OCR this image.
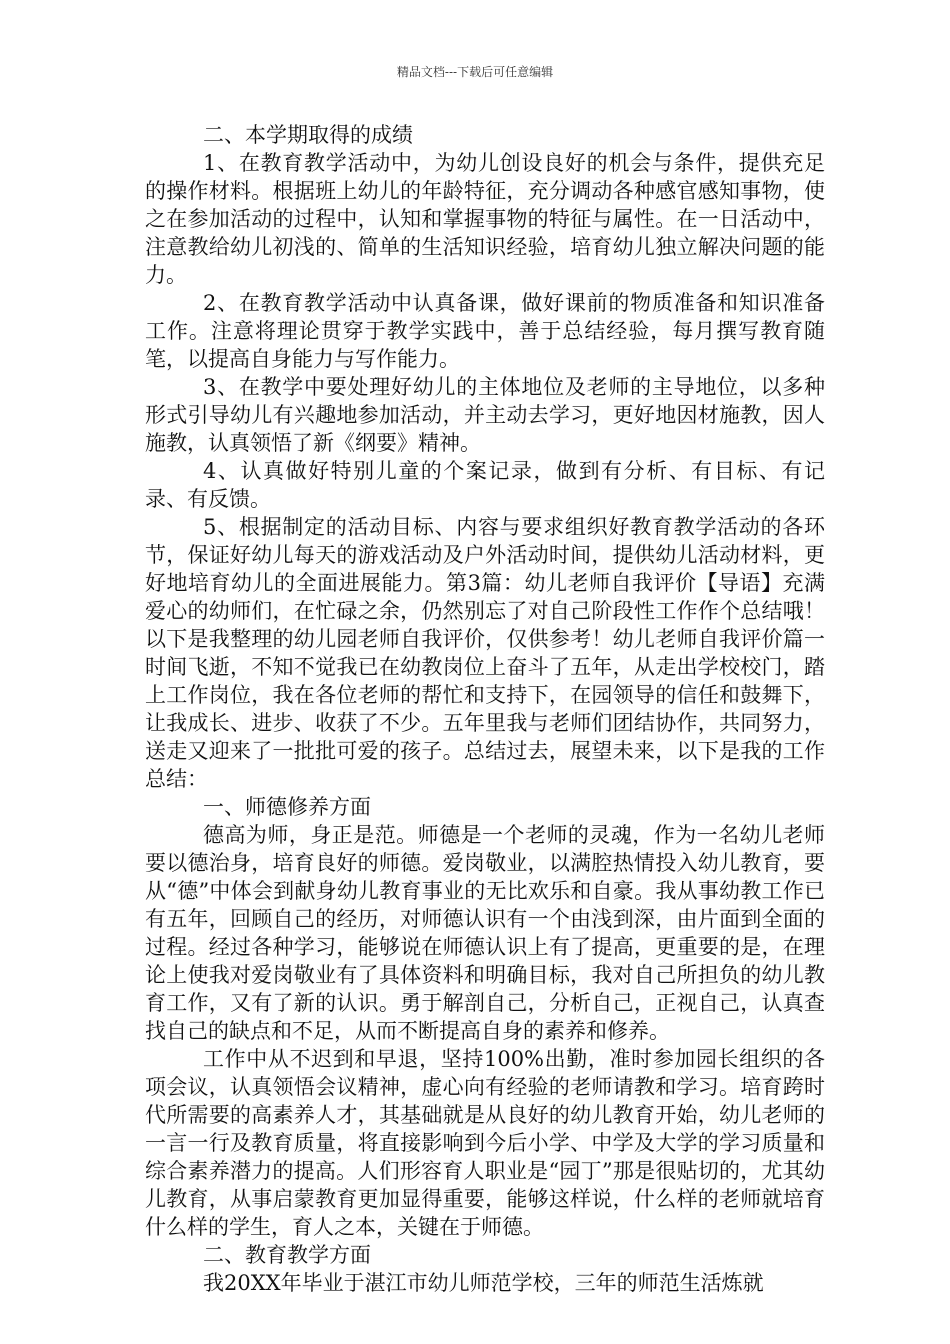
精品文档---下载后可任意编辑

二、本学期取得的成绩

1、在教育教学活动中，为幼儿创设良好的机会与条件，提供充足的操作材料。根据班上幼儿的年龄特征，充分调动各种感官感知事物，使之在参加活动的过程中，认知和掌握事物的特征与属性。在一日活动中，注意教给幼儿初浅的、简单的生活知识经验，培育幼儿独立解决问题的能力。

2、在教育教学活动中认真备课，做好课前的物质准备和知识准备工作。注意将理论贯穿于教学实践中，善于总结经验，每月撰写教育随笔，以提高自身能力与写作能力。

3、在教学中要处理好幼儿的主体地位及老师的主导地位，以多种形式引导幼儿有兴趣地参加活动，并主动去学习，更好地因材施教，因人施教，认真领悟了新《纲要》精神。

4、认真做好特别儿童的个案记录，做到有分析、有目标、有记录、有反馈。

5、根据制定的活动目标、内容与要求组织好教育教学活动的各环节，保证好幼儿每天的游戏活动及户外活动时间，提供幼儿活动材料，更好地培育幼儿的全面进展能力。第3篇：幼儿老师自我评价【导语】充满爱心的幼师们，在忙碌之余，仍然别忘了对自己阶段性工作作个总结哦！以下是我整理的幼儿园老师自我评价，仅供参考！幼儿老师自我评价篇一时间飞逝，不知不觉我已在幼教岗位上奋斗了五年，从走出学校校门，踏上工作岗位，我在各位老师的帮忙和支持下，在园领导的信任和鼓舞下，让我成长、进步、收获了不少。五年里我与老师们团结协作，共同努力，送走又迎来了一批批可爱的孩子。总结过去，展望未来，以下是我的工作总结：

一、师德修养方面

德高为师，身正是范。师德是一个老师的灵魂，作为一名幼儿老师要以德治身，培育良好的师德。爱岗敬业，以满腔热情投入幼儿教育，要从“德”中体会到献身幼儿教育事业的无比欢乐和自豪。我从事幼教工作已有五年，回顾自己的经历，对师德认识有一个由浅到深，由片面到全面的过程。经过各种学习，能够说在师德认识上有了提高，更重要的是，在理论上使我对爱岗敬业有了具体资料和明确目标，我对自己所担负的幼儿教育工作，又有了新的认识。勇于解剖自己，分析自己，正视自己，认真查找自己的缺点和不足，从而不断提高自身的素养和修养。

工作中从不迟到和早退，坚持100%出勤，准时参加园长组织的各项会议，认真领悟会议精神，虚心向有经验的老师请教和学习。培育跨时代所需要的高素养人才，其基础就是从良好的幼儿教育开始，幼儿老师的一言一行及教育质量，将直接影响到今后小学、中学及大学的学习质量和综合素养潜力的提高。人们形容育人职业是“园丁”那是很贴切的，尤其幼儿教育，从事启蒙教育更加显得重要，能够这样说，什么样的老师就培育什么样的学生，育人之本，关键在于师德。

二、教育教学方面

我20XX年毕业于湛江市幼儿师范学校，三年的师范生活炼就
